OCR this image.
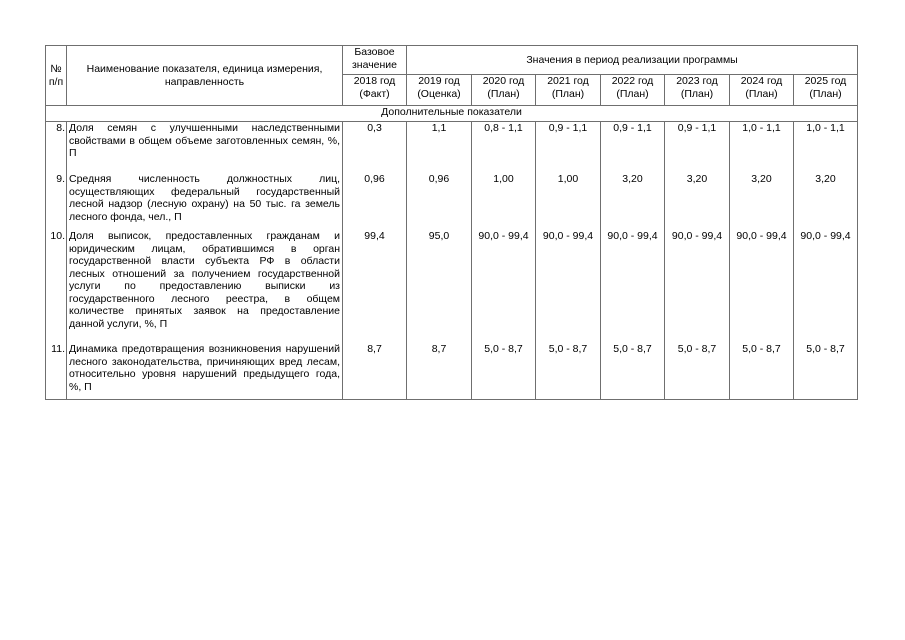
№ п/п	Наименование показателя, единица измерения, направленность	Базовое значение	Значения в период реализации программы						
		2018 год (Факт)	2019 год (Оценка)	2020 год (План)	2021 год (План)	2022 год (План)	2023 год (План)	2024 год (План)	2025 год (План)
Дополнительные показатели									
8.	Доля семян с улучшенными наследственными свойствами в общем объеме заготовленных семян, %, П	0,3	1,1	0,8 - 1,1	0,9 - 1,1	0,9 - 1,1	0,9 - 1,1	1,0 - 1,1	1,0 - 1,1
9.	Средняя численность должностных лиц, осуществляющих федеральный государственный лесной надзор (лесную охрану) на 50 тыс. га земель лесного фонда, чел., П	0,96	0,96	1,00	1,00	3,20	3,20	3,20	3,20
10.	Доля выписок, предоставленных гражданам и юридическим лицам, обратившимся в орган государственной власти субъекта РФ в области лесных отношений за получением государственной услуги по предоставлению выписки из государственного лесного реестра, в общем количестве принятых заявок на предоставление данной услуги, %, П	99,4	95,0	90,0 - 99,4	90,0 - 99,4	90,0 - 99,4	90,0 - 99,4	90,0 - 99,4	90,0 - 99,4
11.	Динамика предотвращения возникновения нарушений лесного законодательства, причиняющих вред лесам, относительно уровня нарушений предыдущего года, %, П	8,7	8,7	5,0 - 8,7	5,0 - 8,7	5,0 - 8,7	5,0 - 8,7	5,0 - 8,7	5,0 - 8,7
